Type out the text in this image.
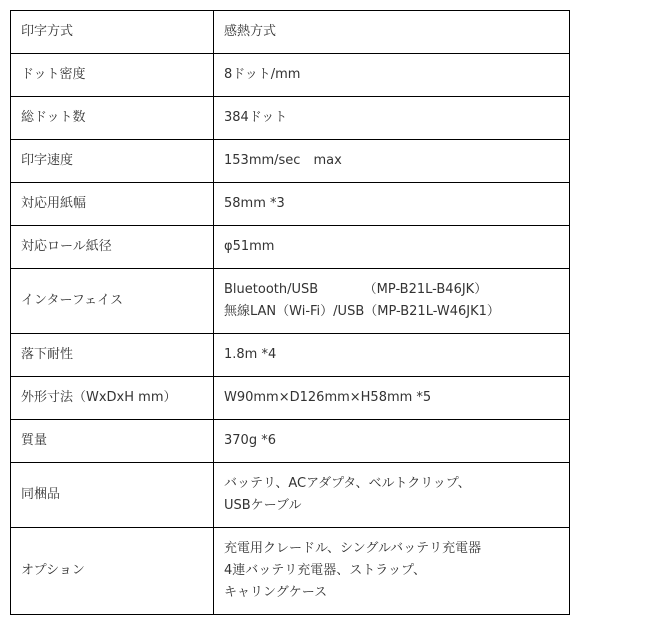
印字方式	感熱方式

ドット密度	8ドット/mm

総ドット数	384ドット

印字速度	153mm/sec　max

対応用紙幅	58mm *3

対応ロール紙径	φ51mm

インターフェイス	Bluetooth/USB　　　　（MP-B21L-B46JK）
無線LAN（Wi-Fi）/USB（MP-B21L-W46JK1）

落下耐性	1.8m *4

外形寸法（WxDxH mm）	W90mm×D126mm×H58mm *5

質量	370g *6

同梱品	バッテリ、ACアダプタ、ベルトクリップ、
USBケーブル

オプション	充電用クレードル、シングルバッテリ充電器
4連バッテリ充電器、ストラップ、
キャリングケース
